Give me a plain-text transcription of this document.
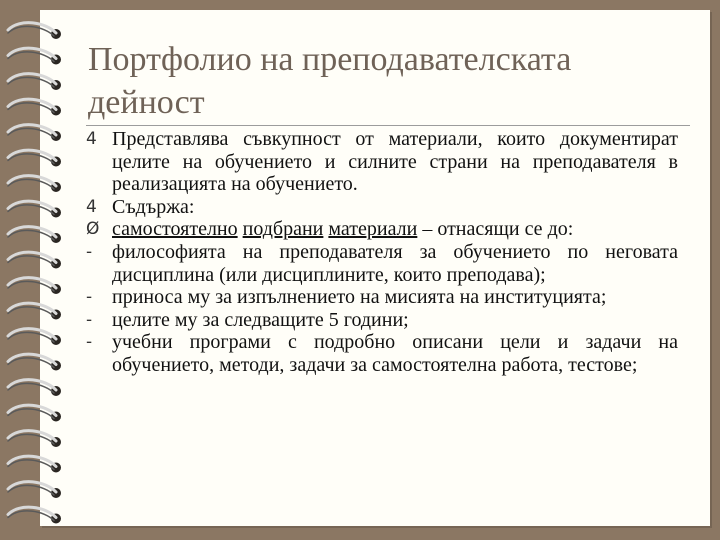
Портфолио на преподавателската дейност
4 Представлява съвкупност от материали, които документират целите на обучението и силните страни на преподавателя в реализацията на обучението.
4 Съдържа:
Ø самостоятелно подбрани материали – отнасящи се до:
- философията на преподавателя за обучението по неговата дисциплина (или дисциплините, които преподава);
- приноса му за изпълнението на мисията на институцията;
- целите му за следващите 5 години;
- учебни програми с подробно описани цели и задачи на обучението, методи, задачи за самостоятелна работа, тестове;
